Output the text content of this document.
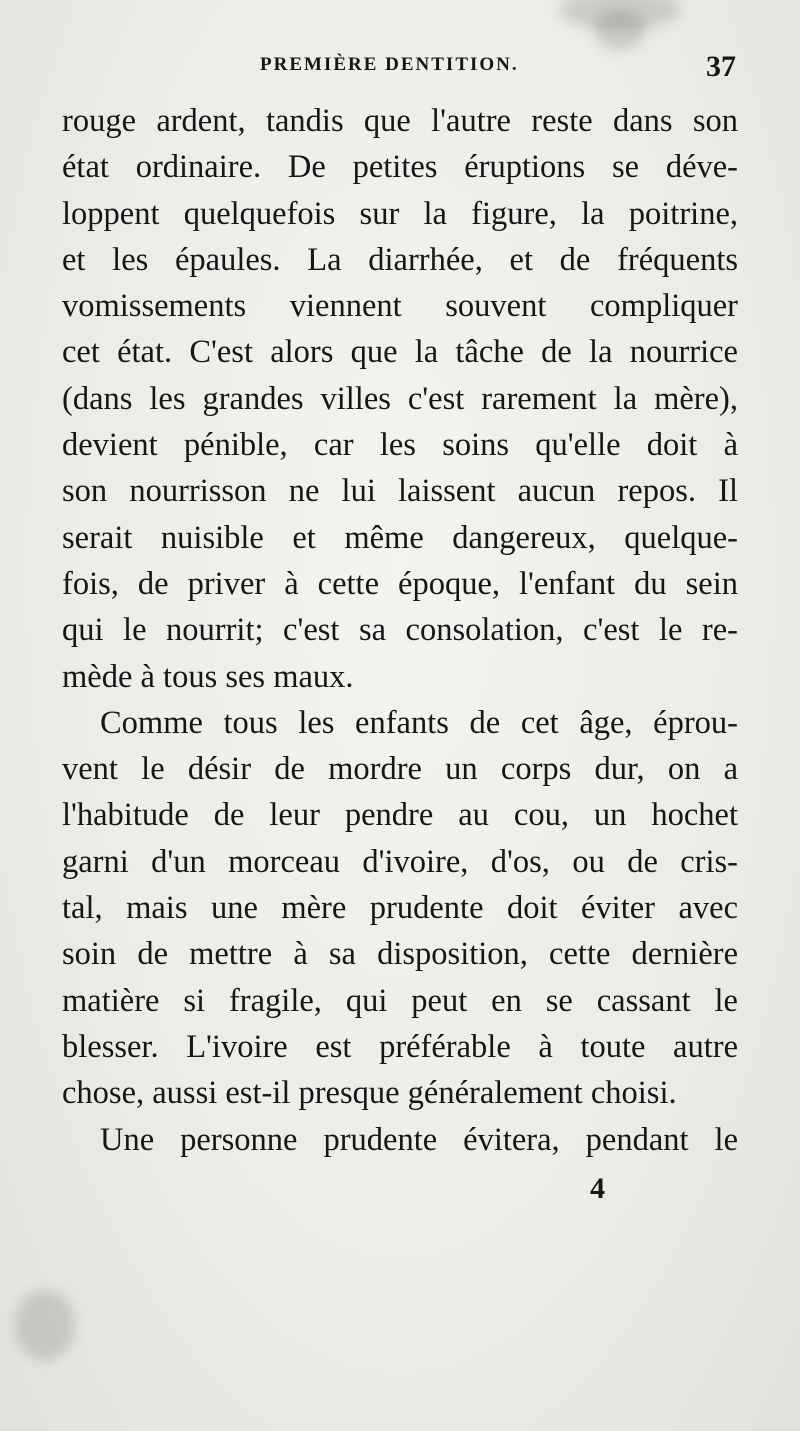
PREMIÈRE DENTITION.	37
rouge ardent, tandis que l'autre reste dans son
état ordinaire. De petites éruptions se déve-
loppent quelquefois sur la figure, la poitrine,
et les épaules. La diarrhée, et de fréquents
vomissements viennent souvent compliquer
cet état. C'est alors que la tâche de la nourrice
(dans les grandes villes c'est rarement la mère),
devient pénible, car les soins qu'elle doit à
son nourrisson ne lui laissent aucun repos. Il
serait nuisible et même dangereux, quelque-
fois, de priver à cette époque, l'enfant du sein
qui le nourrit; c'est sa consolation, c'est le re-
mède à tous ses maux.
Comme tous les enfants de cet âge, éprou-
vent le désir de mordre un corps dur, on a
l'habitude de leur pendre au cou, un hochet
garni d'un morceau d'ivoire, d'os, ou de cris-
tal, mais une mère prudente doit éviter avec
soin de mettre à sa disposition, cette dernière
matière si fragile, qui peut en se cassant le
blesser. L'ivoire est préférable à toute autre
chose, aussi est-il presque généralement choisi.
Une personne prudente évitera, pendant le
4
